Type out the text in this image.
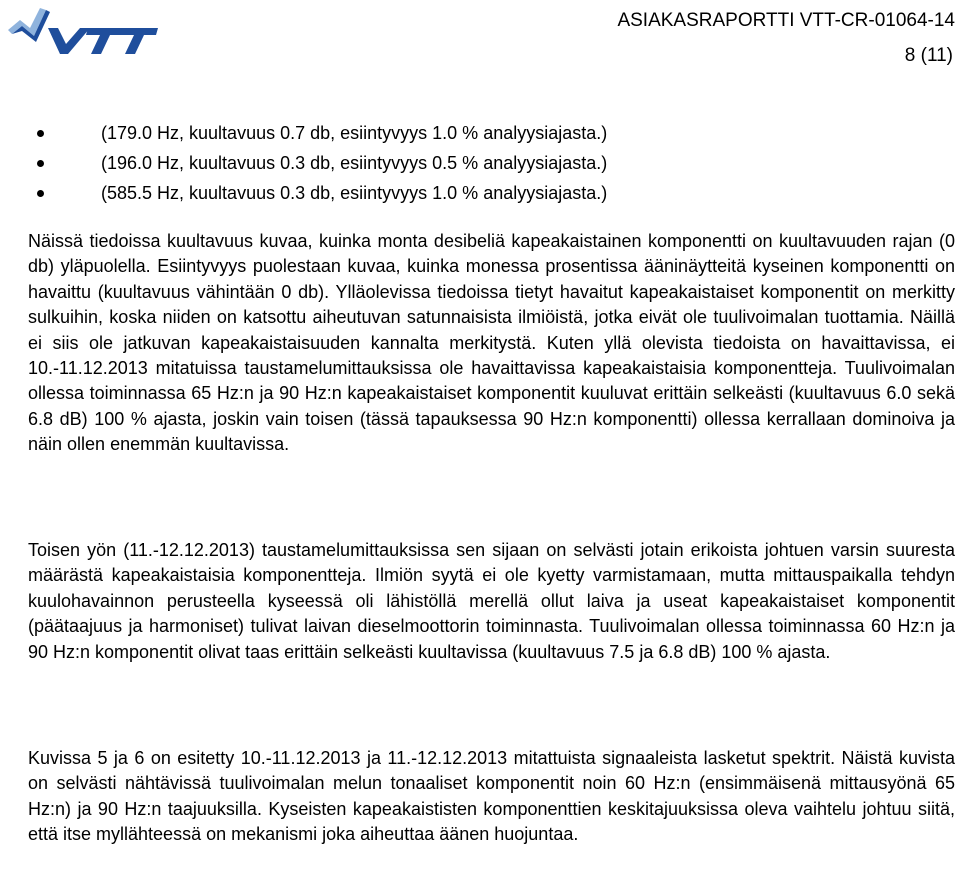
ASIAKASRAPORTTI VTT-CR-01064-14
8 (11)
(179.0 Hz, kuultavuus 0.7 db, esiintyvyys 1.0 % analyysiajasta.)
(196.0 Hz, kuultavuus 0.3 db, esiintyvyys 0.5 % analyysiajasta.)
(585.5 Hz, kuultavuus 0.3 db, esiintyvyys 1.0 % analyysiajasta.)

Näissä tiedoissa kuultavuus kuvaa, kuinka monta desibeliä kapeakaistainen komponentti on kuultavuuden rajan (0 db) yläpuolella. Esiintyvyys puolestaan kuvaa, kuinka monessa prosentissa ääninäytteitä kyseinen komponentti on havaittu (kuultavuus vähintään 0 db). Ylläolevissa tiedoissa tietyt havaitut kapeakaistaiset komponentit on merkitty sulkuihin, koska niiden on katsottu aiheutuvan satunnaisista ilmiöistä, jotka eivät ole tuulivoimalan tuottamia. Näillä ei siis ole jatkuvan kapeakaistaisuuden kannalta merkitystä. Kuten yllä olevista tiedoista on havaittavissa, ei 10.-11.12.2013 mitatuissa taustamelumittauksissa ole havaittavissa kapeakaistaisia komponentteja. Tuulivoimalan ollessa toiminnassa 65 Hz:n ja 90 Hz:n kapeakaistaiset komponentit kuuluvat erittäin selkeästi (kuultavuus 6.0 sekä 6.8 dB) 100 % ajasta, joskin vain toisen (tässä tapauksessa 90 Hz:n komponentti) ollessa kerrallaan dominoiva ja näin ollen enemmän kuultavissa.

Toisen yön (11.-12.12.2013) taustamelumittauksissa sen sijaan on selvästi jotain erikoista johtuen varsin suuresta määrästä kapeakaistaisia komponentteja. Ilmiön syytä ei ole kyetty varmistamaan, mutta mittauspaikalla tehdyn kuulohavainnon perusteella kyseessä oli lähistöllä merellä ollut laiva ja useat kapeakaistaiset komponentit (päätaajuus ja harmoniset) tulivat laivan dieselmoottorin toiminnasta. Tuulivoimalan ollessa toiminnassa 60 Hz:n ja 90 Hz:n komponentit olivat taas erittäin selkeästi kuultavissa (kuultavuus 7.5 ja 6.8 dB) 100 % ajasta.

Kuvissa 5 ja 6 on esitetty 10.-11.12.2013 ja 11.-12.12.2013 mitattuista signaaleista lasketut spektrit. Näistä kuvista on selvästi nähtävissä tuulivoimalan melun tonaaliset komponentit noin 60 Hz:n (ensimmäisenä mittausyönä 65 Hz:n) ja 90 Hz:n taajuuksilla. Kyseisten kapeakaististen komponenttien keskitajuuksissa oleva vaihtelu johtuu siitä, että itse myllähteessä on mekanismi joka aiheuttaa äänen huojuntaa.
